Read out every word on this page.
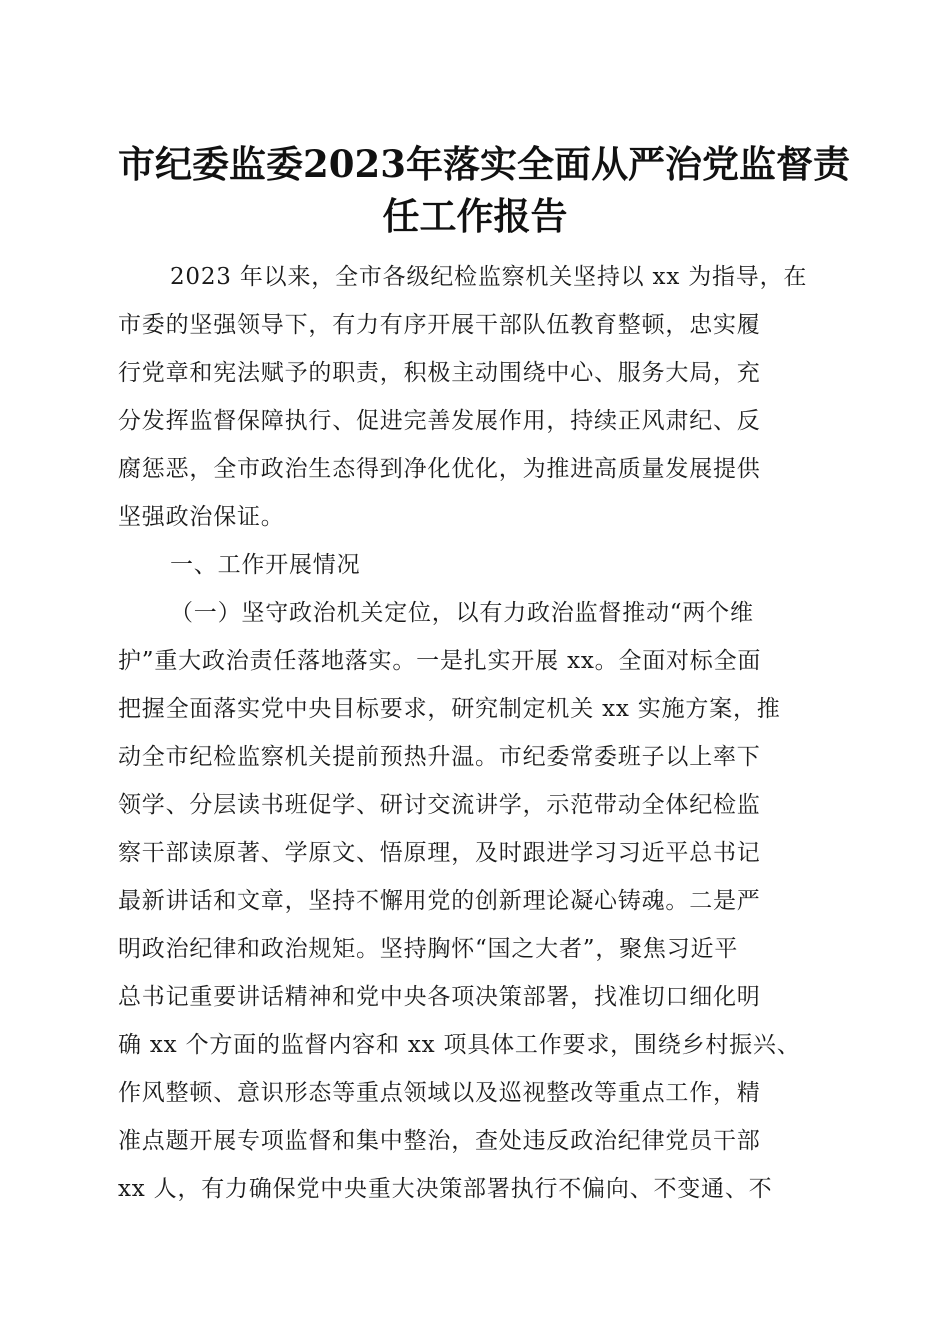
市纪委监委2023年落实全面从严治党监督责
任工作报告
2023 年以来，全市各级纪检监察机关坚持以 xx 为指导，在
市委的坚强领导下，有力有序开展干部队伍教育整顿，忠实履
行党章和宪法赋予的职责，积极主动围绕中心、服务大局，充
分发挥监督保障执行、促进完善发展作用，持续正风肃纪、反
腐惩恶，全市政治生态得到净化优化，为推进高质量发展提供
坚强政治保证。
一、工作开展情况
（一）坚守政治机关定位，以有力政治监督推动“两个维
护”重大政治责任落地落实。一是扎实开展 xx。全面对标全面
把握全面落实党中央目标要求，研究制定机关 xx 实施方案，推
动全市纪检监察机关提前预热升温。市纪委常委班子以上率下
领学、分层读书班促学、研讨交流讲学，示范带动全体纪检监
察干部读原著、学原文、悟原理，及时跟进学习习近平总书记
最新讲话和文章，坚持不懈用党的创新理论凝心铸魂。二是严
明政治纪律和政治规矩。坚持胸怀“国之大者”，聚焦习近平
总书记重要讲话精神和党中央各项决策部署，找准切口细化明
确 xx 个方面的监督内容和 xx 项具体工作要求，围绕乡村振兴、
作风整顿、意识形态等重点领域以及巡视整改等重点工作，精
准点题开展专项监督和集中整治，查处违反政治纪律党员干部
xx 人，有力确保党中央重大决策部署执行不偏向、不变通、不
